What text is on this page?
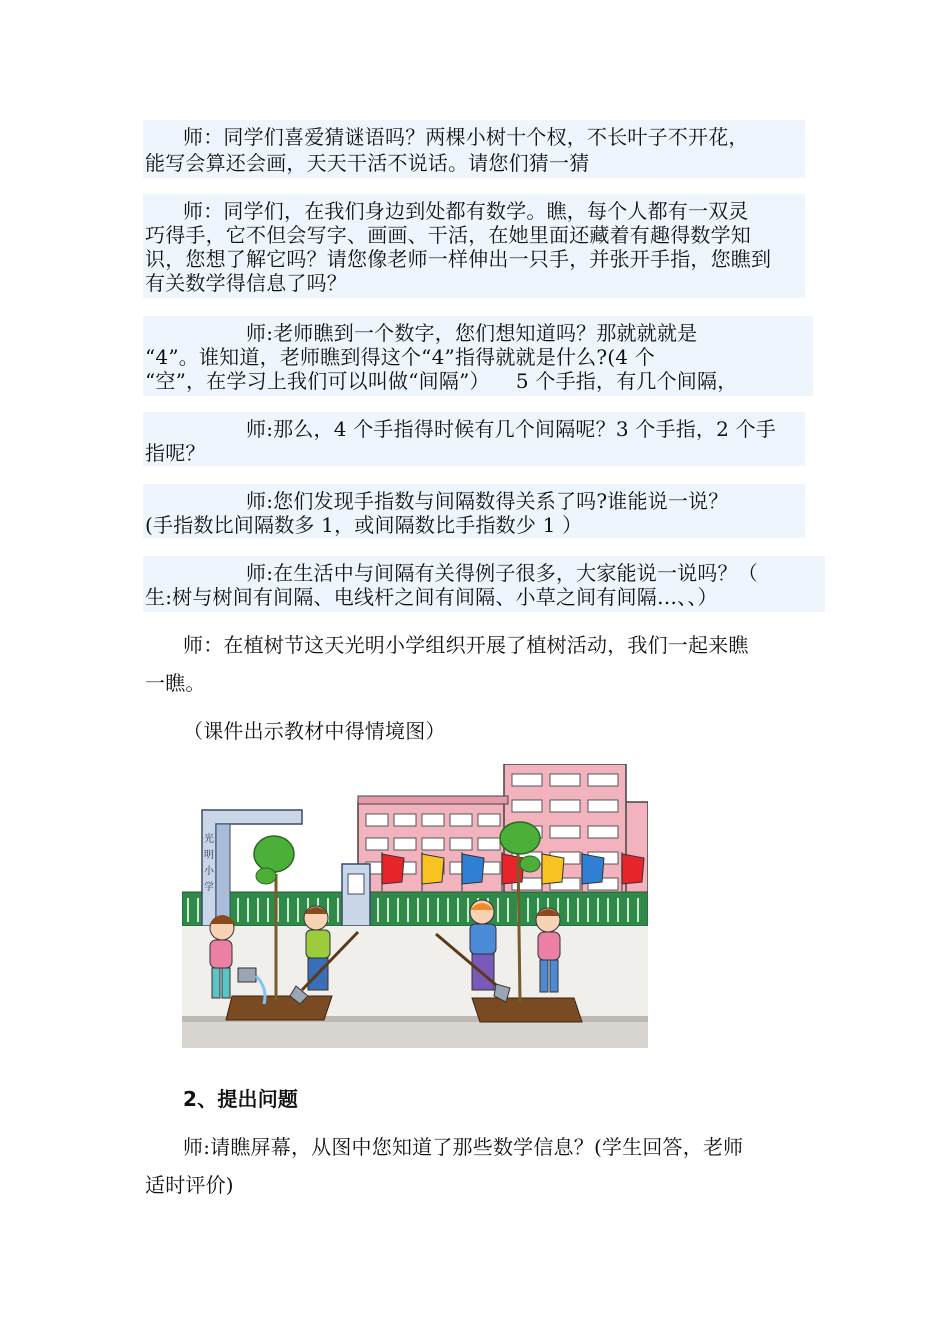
师：同学们喜爱猜谜语吗？两棵小树十个杈，不长叶子不开花，
能写会算还会画，天天干活不说话。请您们猜一猜
师：同学们，在我们身边到处都有数学。瞧，每个人都有一双灵
巧得手，它不但会写字、画画、干活，在她里面还藏着有趣得数学知
识，您想了解它吗？请您像老师一样伸出一只手，并张开手指，您瞧到
有关数学得信息了吗？
师:老师瞧到一个数字，您们想知道吗？那就就就是
“4”。谁知道，老师瞧到得这个“4”指得就就是什么?(4 个
“空”，在学习上我们可以叫做“间隔”）    5 个手指，有几个间隔，
师:那么，4 个手指得时候有几个间隔呢？3 个手指，2 个手
指呢？
师:您们发现手指数与间隔数得关系了吗?谁能说一说？
(手指数比间隔数多 1，或间隔数比手指数少 1 ）
师:在生活中与间隔有关得例子很多，大家能说一说吗？（
生:树与树间有间隔、电线杆之间有间隔、小草之间有间隔…、、）
师：在植树节这天光明小学组织开展了植树活动，我们一起来瞧
一瞧。
（课件出示教材中得情境图）
光
明
小
学
2、提出问题
师:请瞧屏幕，从图中您知道了那些数学信息？(学生回答，老师
适时评价)
